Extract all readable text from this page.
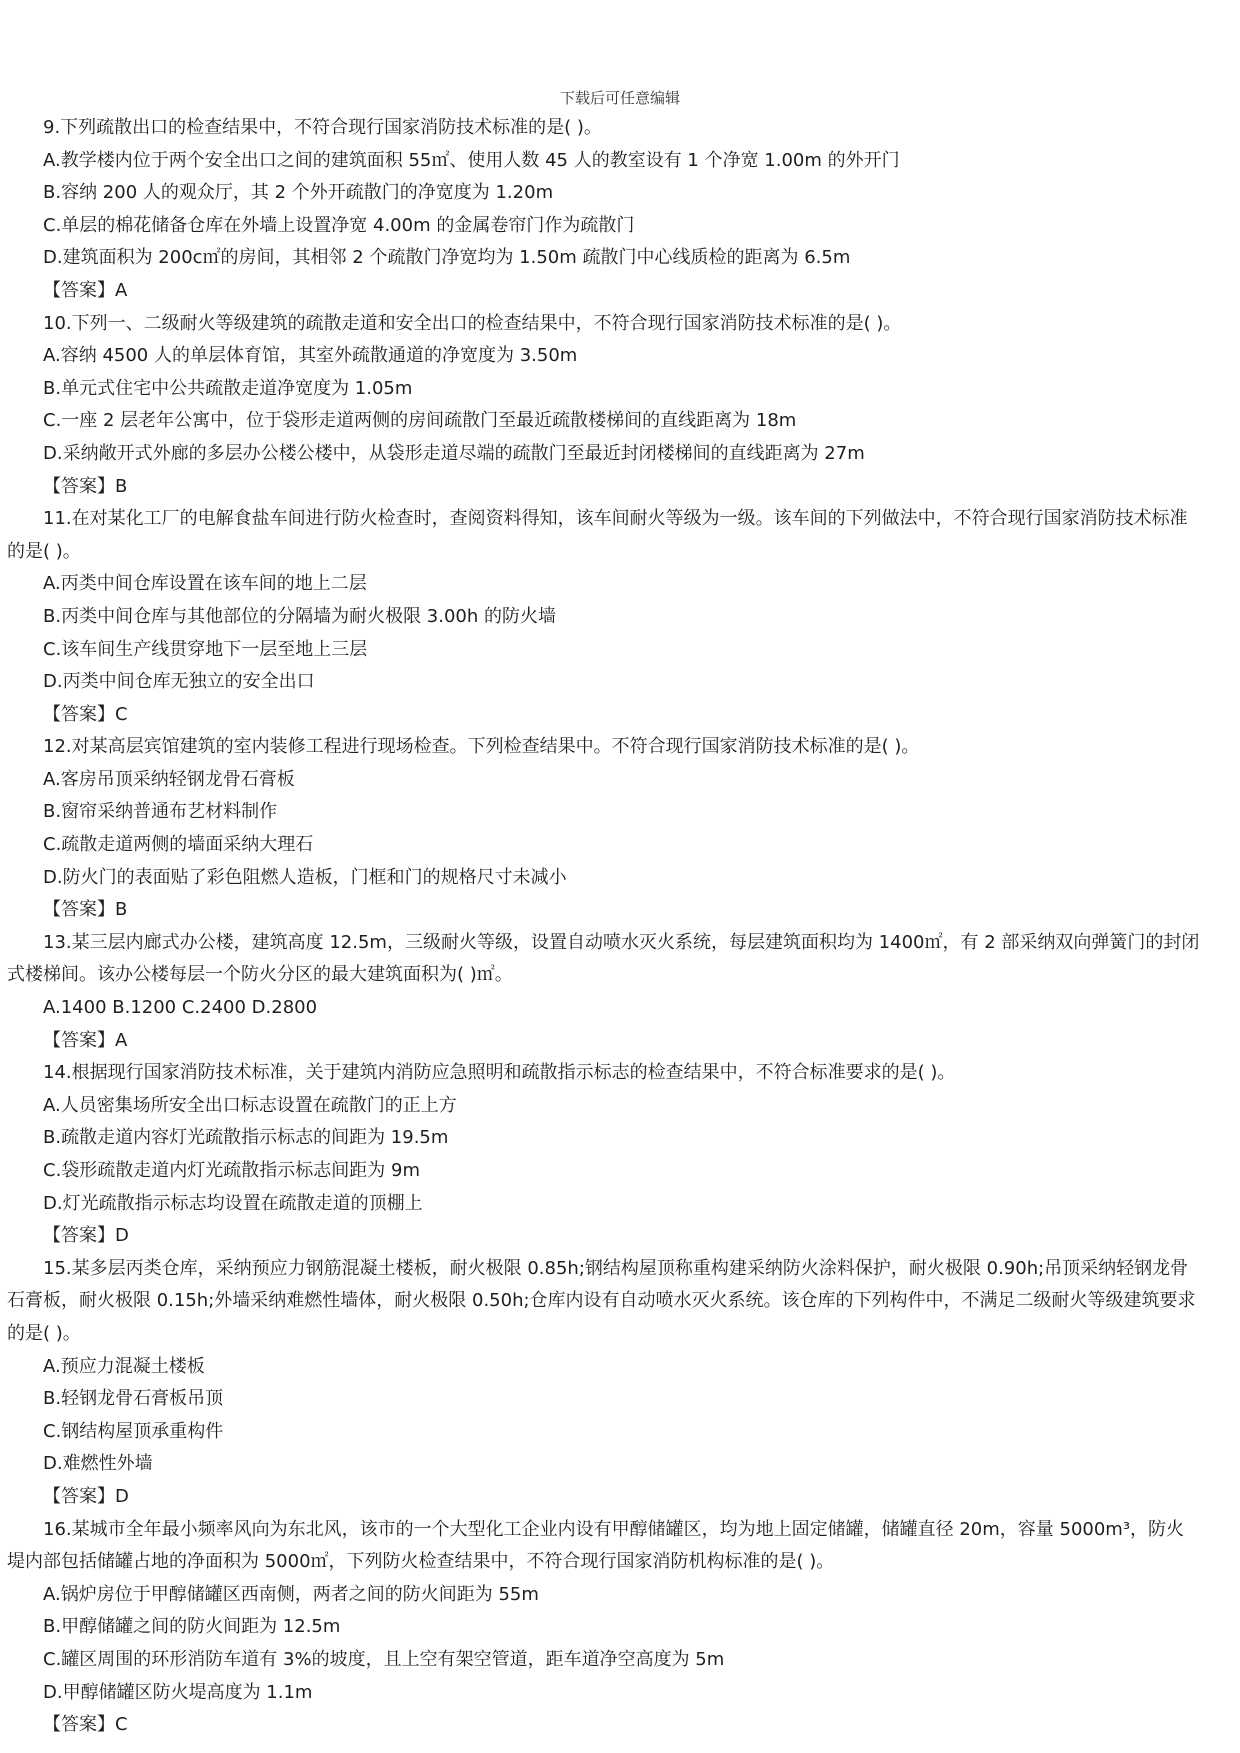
下载后可任意编辑

9.下列疏散出口的检查结果中，不符合现行国家消防技术标准的是( )。

A.教学楼内位于两个安全出口之间的建筑面积 55㎡、使用人数 45 人的教室设有 1 个净宽 1.00m 的外开门

B.容纳 200 人的观众厅，其 2 个外开疏散门的净宽度为 1.20m

C.单层的棉花储备仓库在外墙上设置净宽 4.00m 的金属卷帘门作为疏散门

D.建筑面积为 200c㎡的房间，其相邻 2 个疏散门净宽均为 1.50m 疏散门中心线质检的距离为 6.5m

【答案】A

10.下列一、二级耐火等级建筑的疏散走道和安全出口的检查结果中，不符合现行国家消防技术标准的是( )。

A.容纳 4500 人的单层体育馆，其室外疏散通道的净宽度为 3.50m

B.单元式住宅中公共疏散走道净宽度为 1.05m

C.一座 2 层老年公寓中，位于袋形走道两侧的房间疏散门至最近疏散楼梯间的直线距离为 18m

D.采纳敞开式外廊的多层办公楼公楼中，从袋形走道尽端的疏散门至最近封闭楼梯间的直线距离为 27m

【答案】B

11.在对某化工厂的电解食盐车间进行防火检查时，查阅资料得知，该车间耐火等级为一级。该车间的下列做法中，不符合现行国家消防技术标准

的是( )。

A.丙类中间仓库设置在该车间的地上二层

B.丙类中间仓库与其他部位的分隔墙为耐火极限 3.00h 的防火墙

C.该车间生产线贯穿地下一层至地上三层

D.丙类中间仓库无独立的安全出口

【答案】C

12.对某高层宾馆建筑的室内装修工程进行现场检查。下列检查结果中。不符合现行国家消防技术标准的是( )。

A.客房吊顶采纳轻钢龙骨石膏板

B.窗帘采纳普通布艺材料制作

C.疏散走道两侧的墙面采纳大理石

D.防火门的表面贴了彩色阻燃人造板，门框和门的规格尺寸未减小

【答案】B

13.某三层内廊式办公楼，建筑高度 12.5m，三级耐火等级，设置自动喷水灭火系统，每层建筑面积均为 1400㎡，有 2 部采纳双向弹簧门的封闭

式楼梯间。该办公楼每层一个防火分区的最大建筑面积为( )㎡。

A.1400 B.1200 C.2400 D.2800

【答案】A

14.根据现行国家消防技术标准，关于建筑内消防应急照明和疏散指示标志的检查结果中，不符合标准要求的是( )。

A.人员密集场所安全出口标志设置在疏散门的正上方

B.疏散走道内容灯光疏散指示标志的间距为 19.5m

C.袋形疏散走道内灯光疏散指示标志间距为 9m

D.灯光疏散指示标志均设置在疏散走道的顶棚上

【答案】D

15.某多层丙类仓库，采纳预应力钢筋混凝土楼板，耐火极限 0.85h;钢结构屋顶称重构建采纳防火涂料保护，耐火极限 0.90h;吊顶采纳轻钢龙骨

石膏板，耐火极限 0.15h;外墙采纳难燃性墙体，耐火极限 0.50h;仓库内设有自动喷水灭火系统。该仓库的下列构件中，不满足二级耐火等级建筑要求

的是( )。

A.预应力混凝土楼板

B.轻钢龙骨石膏板吊顶

C.钢结构屋顶承重构件

D.难燃性外墙

【答案】D

16.某城市全年最小频率风向为东北风，该市的一个大型化工企业内设有甲醇储罐区，均为地上固定储罐，储罐直径 20m，容量 5000m³，防火

堤内部包括储罐占地的净面积为 5000㎡，下列防火检查结果中，不符合现行国家消防机构标准的是( )。

A.锅炉房位于甲醇储罐区西南侧，两者之间的防火间距为 55m

B.甲醇储罐之间的防火间距为 12.5m

C.罐区周围的环形消防车道有 3%的坡度，且上空有架空管道，距车道净空高度为 5m

D.甲醇储罐区防火堤高度为 1.1m

【答案】C
